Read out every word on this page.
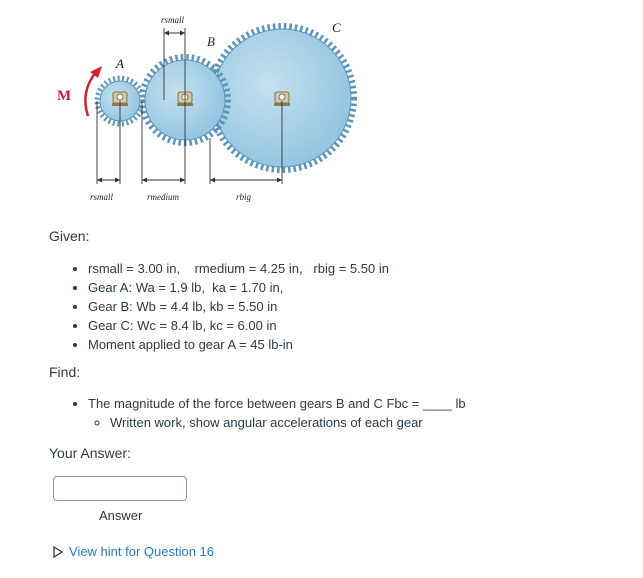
M
A
B
C
rsmall
rsmall	rmedium	rbig
Given:
• rsmall = 3.00 in,    rmedium = 4.25 in,   rbig = 5.50 in
• Gear A: Wa = 1.9 lb,  ka = 1.70 in,
• Gear B: Wb = 4.4 lb, kb = 5.50 in
• Gear C: Wc = 8.4 lb, kc = 6.00 in
• Moment applied to gear A = 45 lb-in
Find:
• The magnitude of the force between gears B and C Fbc = ____ lb
◦ Written work, show angular accelerations of each gear
Your Answer:
Answer
View hint for Question 16
